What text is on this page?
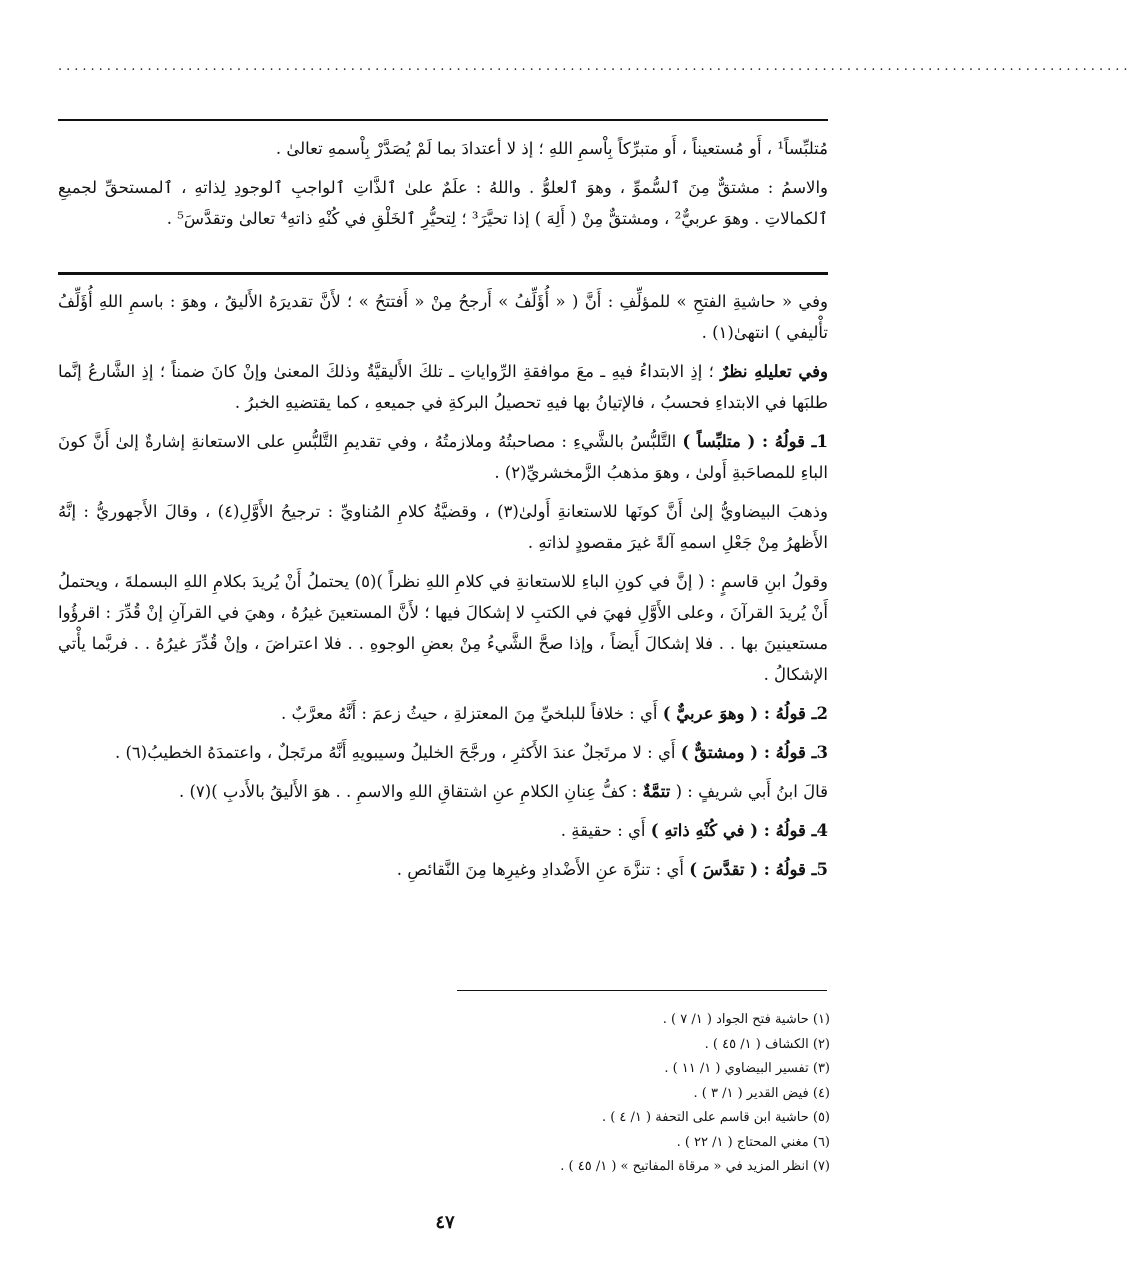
....................................................................................................................................

مُتلبِّساً¹ ، أَو مُستعيناً ، أَو متبرِّكاً بِاْسمِ اللهِ ؛ إذ لا أعتدادَ بما لَمْ يُصَدَّرْ بِاْسمهِ تعالىٰ .

والاسمُ : مشتقٌّ مِنَ ٱلسُّموِّ ، وهوَ ٱلعلوُّ . واللهُ : علَمٌ علىٰ ٱلذَّاتِ ٱلواجبِ ٱلوجودِ لِذاتهِ ، ٱلمستحقِّ لجميعِ ٱلكمالاتِ . وهوَ عربيٌّ² ، ومشتقٌّ مِنْ ( أَلِهَ ) إذا تحيَّرَ³ ؛ لِتحيُّرِ ٱلخَلْقِ في كُنْهِ ذاتهِ⁴ تعالىٰ وتقدَّسَ⁵ .

وفي « حاشيةِ الفتحِ » للمؤلِّفِ : أَنَّ ( « أُؤَلِّفُ » أَرجحُ مِنْ « أَفتتحُ » ؛ لأَنَّ تقديرَهُ الأَليقُ ، وهوَ : باسمِ اللهِ أُؤَلِّفُ تأْليفي ) انتهىٰ(١) .

وفي تعليلهِ نظرٌ ؛ إذِ الابتداءُ فيهِ ـ معَ موافقةِ الرِّواياتِ ـ تلكَ الأَليقيَّةُ وذلكَ المعنىٰ وإنْ كانَ ضمناً ؛ إذِ الشَّارعُ إنَّما طلبَها في الابتداءِ فحسبُ ، فالإتيانُ بها فيهِ تحصيلُ البركةِ في جميعهِ ، كما يقتضيهِ الخبرُ .

1ـ قولُهُ : ( متلبِّساً ) التَّلبُّسُ بالشَّيءِ : مصاحبتُهُ وملازمتُهُ ، وفي تقديمِ التَّلبُّسِ على الاستعانةِ إشارةٌ إلىٰ أَنَّ كونَ الباءِ للمصاحَبةِ أَولىٰ ، وهوَ مذهبُ الزَّمخشريِّ(٢) .

وذهبَ البيضاويُّ إلىٰ أَنَّ كونَها للاستعانةِ أَولىٰ(٣) ، وقضيَّةُ كلامِ المُناويِّ : ترجيحُ الأَوَّلِ(٤) ، وقالَ الأَجهوريُّ : إنَّهُ الأَظهرُ مِنْ جَعْلِ اسمهِ آلةً غيرَ مقصودٍ لذاتهِ .

وقولُ ابنِ قاسمٍ : ( إنَّ في كونِ الباءِ للاستعانةِ في كلامِ اللهِ نظراً )(٥) يحتملُ أَنْ يُريدَ بكلامِ اللهِ البسملةَ ، ويحتملُ أَنْ يُريدَ القرآنَ ، وعلى الأَوَّلِ فهيَ في الكتبِ لا إشكالَ فيها ؛ لأَنَّ المستعينَ غيرُهُ ، وهيَ في القرآنِ إنْ قُدِّرَ : اقرؤُوا مستعينينَ بها . . فلا إشكالَ أَيضاً ، وإذا صحَّ الشَّيءُ مِنْ بعضِ الوجوهِ . . فلا اعتراضَ ، وإنْ قُدِّرَ غيرُهُ . . فربَّما يأْتي الإشكالُ .

2ـ قولُهُ : ( وهوَ عربيٌّ ) أَي : خلافاً للبلخيِّ مِنَ المعتزلةِ ، حيثُ زعمَ : أَنَّهُ معرَّبٌ .

3ـ قولُهُ : ( ومشتقٌّ ) أَي : لا مرتَجلٌ عندَ الأَكثرِ ، ورجَّحَ الخليلُ وسيبويهِ أَنَّهُ مرتَجلٌ ، واعتمدَهُ الخطيبُ(٦) .

قالَ ابنُ أَبي شريفٍ : ( تتمَّةٌ : كفُّ عِنانِ الكلامِ عنِ اشتقاقِ اللهِ والاسمِ . . هوَ الأَليقُ بالأَدبِ )(٧) .

4ـ قولُهُ : ( في كُنْهِ ذاتهِ ) أَي : حقيقةِ .

5ـ قولُهُ : ( تقدَّسَ ) أَي : تنزَّهَ عنِ الأَضْدادِ وغيرِها مِنَ النَّقائصِ .

(١) حاشية فتح الجواد ( ١/ ٧ ) .
(٢) الكشاف ( ١/ ٤٥ ) .
(٣) تفسير البيضاوي ( ١/ ١١ ) .
(٤) فيض القدير ( ١/ ٣ ) .
(٥) حاشية ابن قاسم على التحفة ( ١/ ٤ ) .
(٦) مغني المحتاج ( ١/ ٢٢ ) .
(٧) انظر المزيد في « مرقاة المفاتيح » ( ١/ ٤٥ ) .
٤٧
